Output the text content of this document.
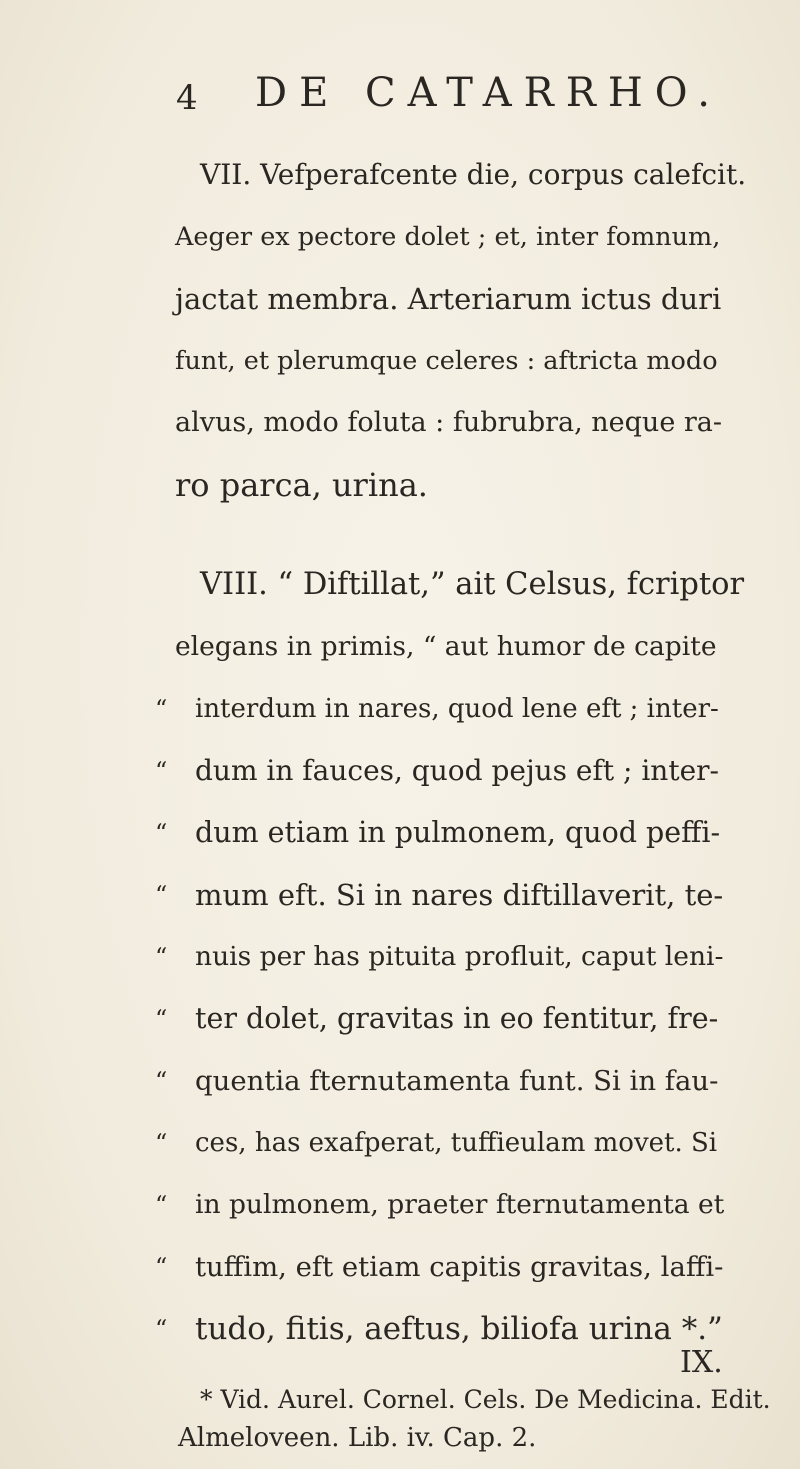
4 DE CATARRHO.
VII. Vefperafcente die, corpus calefcit.
Aeger ex pectore dolet ; et, inter fomnum,
jactat membra. Arteriarum ictus duri
funt, et plerumque celeres : aftricta modo
alvus, modo foluta : fubrubra, neque ra-
ro parca, urina.
VIII. “ Diftillat,” ait Celsus, fcriptor
elegans in primis, “ aut humor de capite
“ interdum in nares, quod lene eft ; inter-
“ dum in fauces, quod pejus eft ; inter-
“ dum etiam in pulmonem, quod peffi-
“ mum eft. Si in nares diftillaverit, te-
“ nuis per has pituita profluit, caput leni-
“ ter dolet, gravitas in eo fentitur, fre-
“ quentia fternutamenta funt. Si in fau-
“ ces, has exafperat, tuffieulam movet. Si
“ in pulmonem, praeter fternutamenta et
“ tuffim, eft etiam capitis gravitas, laffi-
“ tudo, fitis, aeftus, biliofa urina *.”
IX.
* Vid. Aurel. Cornel. Cels. De Medicina. Edit.
Almeloveen. Lib. iv. Cap. 2.
